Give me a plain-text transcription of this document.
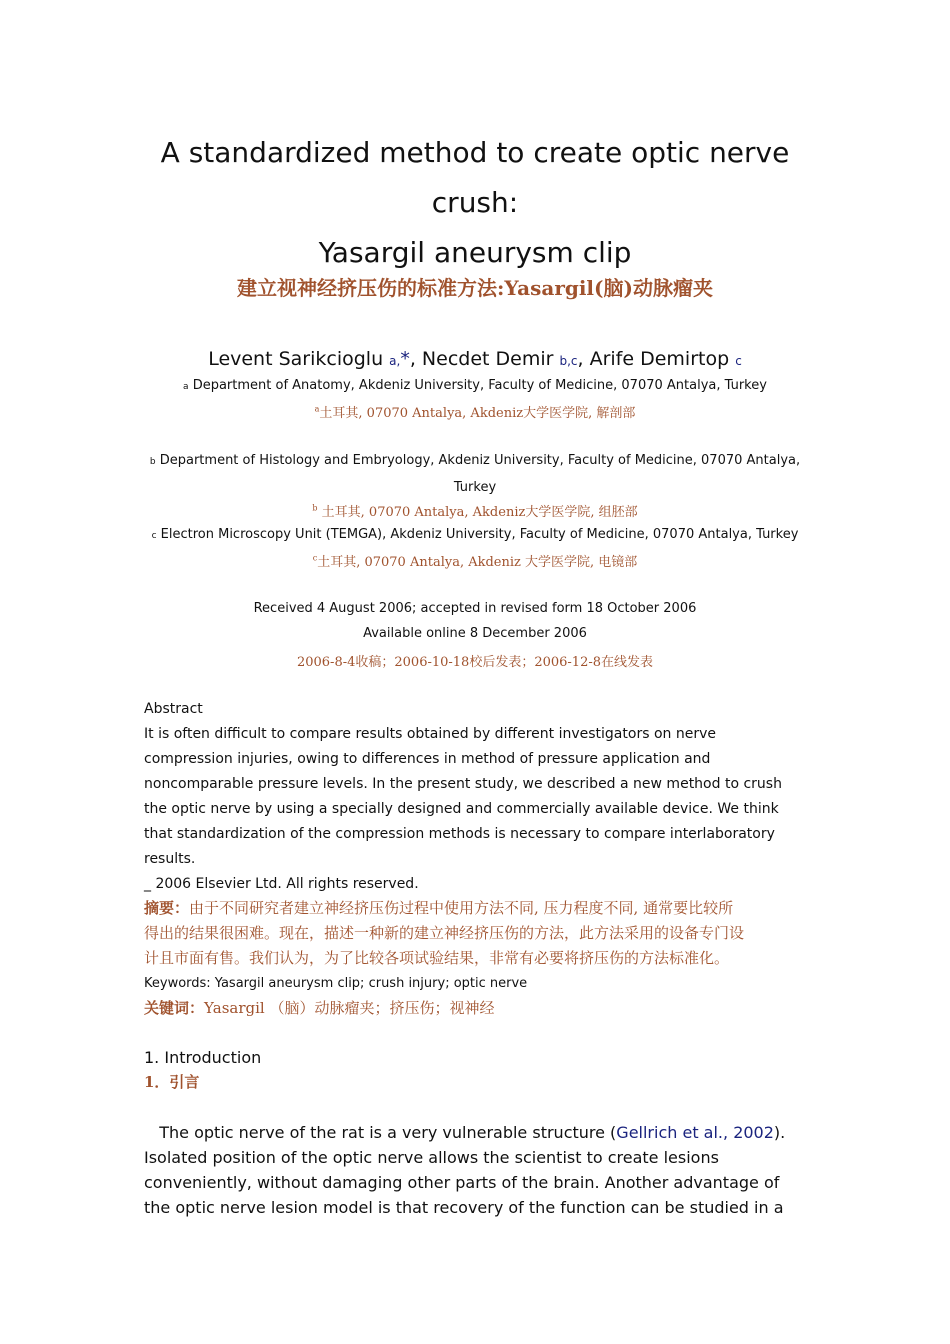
A standardized method to create optic nerve
crush:
Yasargil aneurysm clip
建立视神经挤压伤的标准方法:Yasargil(脑)动脉瘤夹
Levent Sarikcioglu a,*, Necdet Demir b,c, Arife Demirtop c
a Department of Anatomy, Akdeniz University, Faculty of Medicine, 07070 Antalya, Turkey
$^a$土耳其, 07070 Antalya, Akdeniz大学医学院, 解剖部
b Department of Histology and Embryology, Akdeniz University, Faculty of Medicine, 07070 Antalya,
Turkey
$^b$ 土耳其, 07070 Antalya, Akdeniz大学医学院, 组胚部
c Electron Microscopy Unit (TEMGA), Akdeniz University, Faculty of Medicine, 07070 Antalya, Turkey
$^c$土耳其, 07070 Antalya, Akdeniz 大学医学院, 电镜部
Received 4 August 2006; accepted in revised form 18 October 2006
Available online 8 December 2006
2006-8-4收稿；2006-10-18校后发表；2006-12-8在线发表
Abstract
It is often difficult to compare results obtained by different investigators on nerve
compression injuries, owing to differences in method of pressure application and
noncomparable pressure levels. In the present study, we described a new method to crush
the optic nerve by using a specially designed and commercially available device. We think
that standardization of the compression methods is necessary to compare interlaboratory
results.
_ 2006 Elsevier Ltd. All rights reserved.
摘要：由于不同研究者建立神经挤压伤过程中使用方法不同, 压力程度不同, 通常要比较所
得出的结果很困难。现在，描述一种新的建立神经挤压伤的方法，此方法采用的设备专门设
计且市面有售。我们认为，为了比较各项试验结果，非常有必要将挤压伤的方法标准化。
Keywords: Yasargil aneurysm clip; crush injury; optic nerve
关键词：Yasargil （脑）动脉瘤夹；挤压伤；视神经
1. Introduction
1．引言
The optic nerve of the rat is a very vulnerable structure (Gellrich et al., 2002).
Isolated position of the optic nerve allows the scientist to create lesions
conveniently, without damaging other parts of the brain. Another advantage of
the optic nerve lesion model is that recovery of the function can be studied in a
